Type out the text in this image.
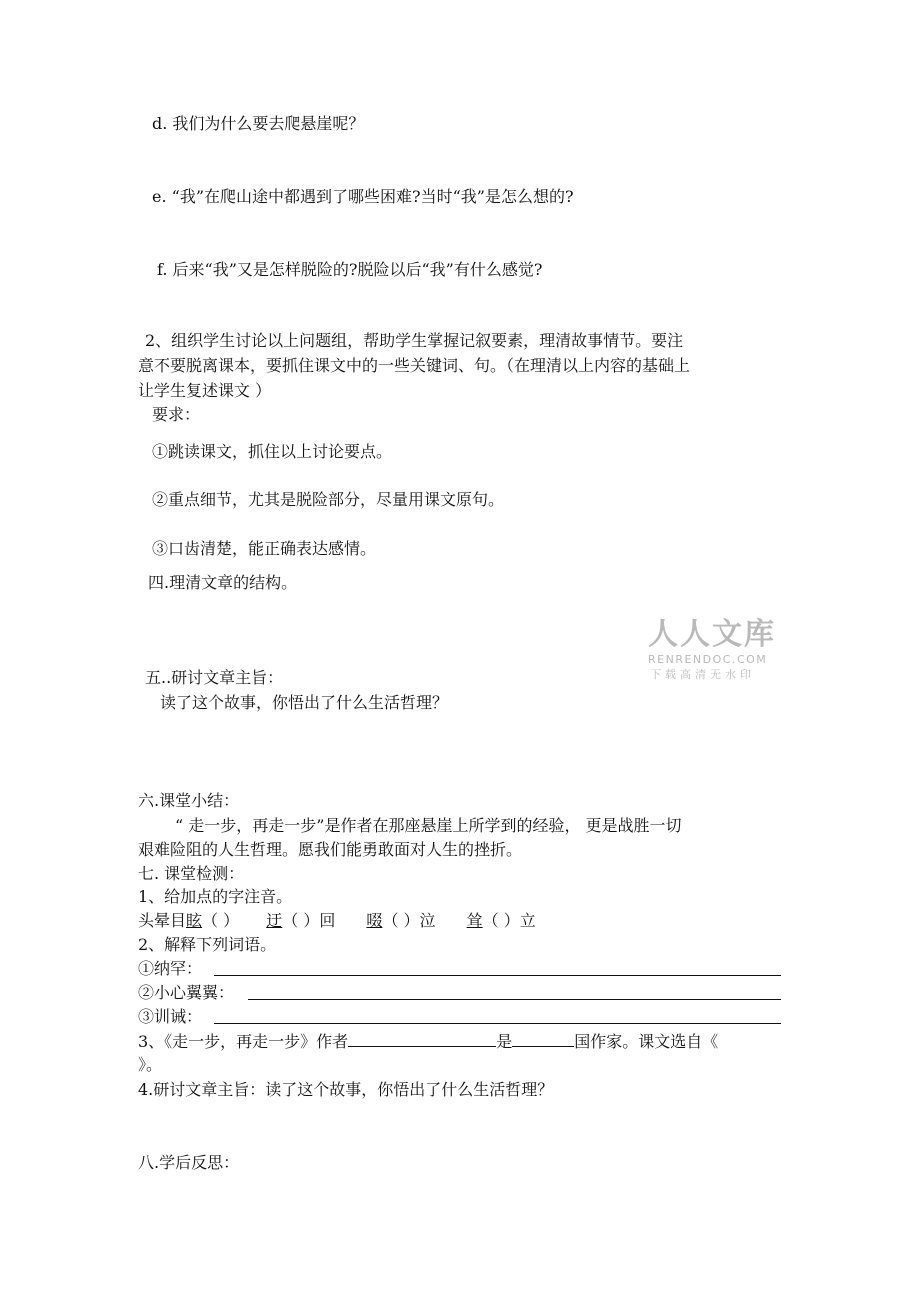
d. 我们为什么要去爬悬崖呢？
e. “我”在爬山途中都遇到了哪些困难?当时“我”是怎么想的?
f. 后来“我”又是怎样脱险的?脱险以后“我”有什么感觉?
2、组织学生讨论以上问题组，帮助学生掌握记叙要素，理清故事情节。要注
意不要脱离课本，要抓住课文中的一些关键词、句。（在理清以上内容的基础上
让学生复述课文 ）
要求：
①跳读课文，抓住以上讨论要点。
②重点细节，尤其是脱险部分，尽量用课文原句。
③口齿清楚，能正确表达感情。
四.理清文章的结构。
人人文库
RENRENDOC.COM
下载高清无水印
五..研讨文章主旨：
读了这个故事，你悟出了什么生活哲理？
六.课堂小结：
“ 走一步，再走一步”是作者在那座悬崖上所学到的经验， 更是战胜一切
艰难险阻的人生哲理。愿我们能勇敢面对人生的挫折。
七. 课堂检测：
1、给加点的字注音。
头晕目眩（ ） 迂（ ）回 啜（ ）泣 耸（ ）立
2、解释下列词语。
①纳罕：
②小心翼翼：
③训诫：
3、《走一步，再走一步》作者	是	国作家。课文选自《
》。
4.研讨文章主旨：读了这个故事，你悟出了什么生活哲理？
八.学后反思：
